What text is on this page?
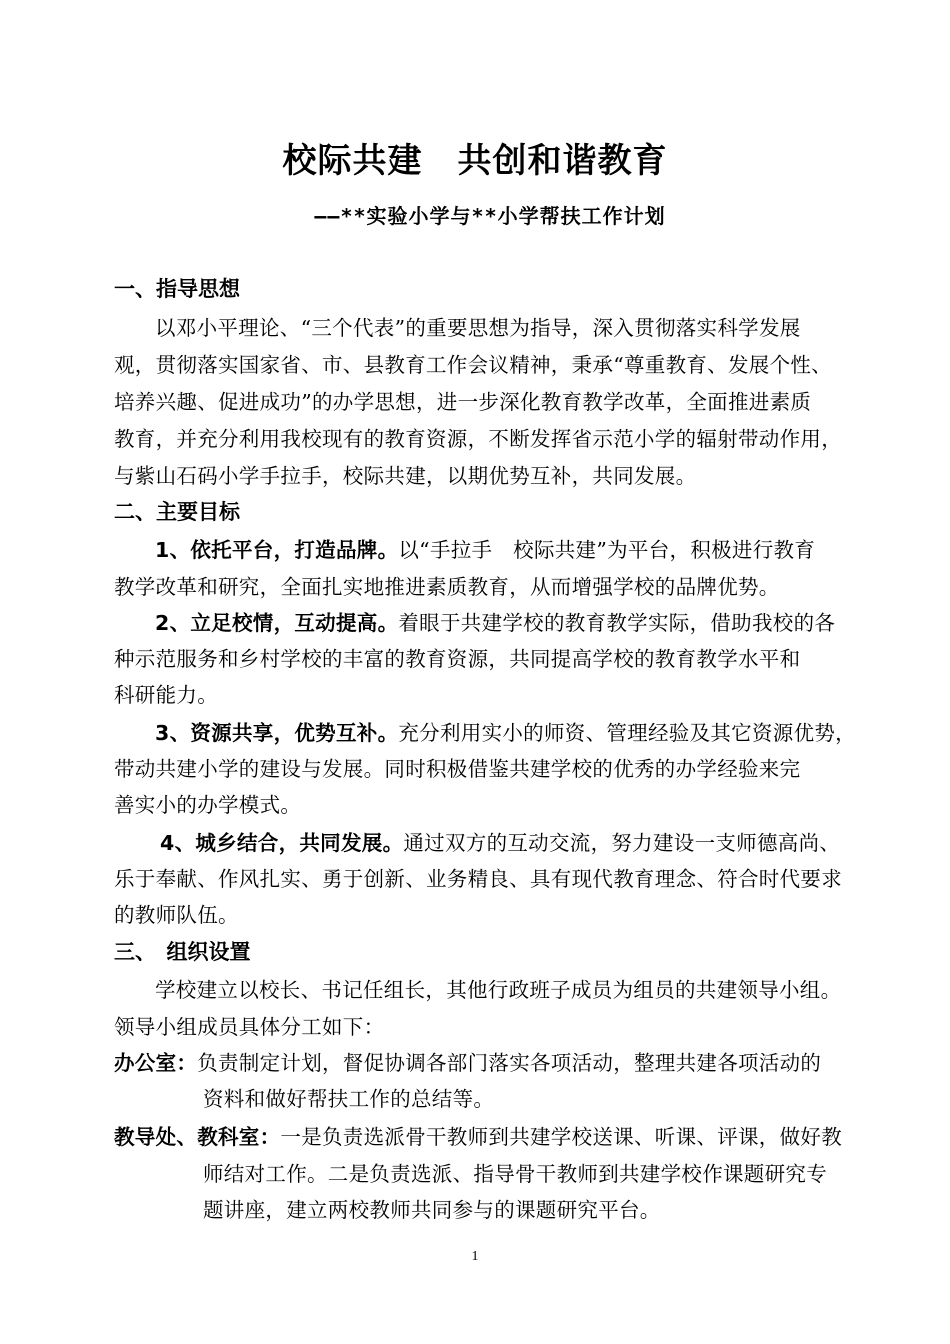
校际共建　共创和谐教育
——**实验小学与**小学帮扶工作计划
一、指导思想
以邓小平理论、“三个代表”的重要思想为指导，深入贯彻落实科学发展
观，贯彻落实国家省、市、县教育工作会议精神，秉承“尊重教育、发展个性、
培养兴趣、促进成功”的办学思想，进一步深化教育教学改革，全面推进素质
教育，并充分利用我校现有的教育资源，不断发挥省示范小学的辐射带动作用，
与紫山石码小学手拉手，校际共建，以期优势互补，共同发展。
二、主要目标
1、依托平台，打造品牌。以“手拉手　校际共建”为平台，积极进行教育
教学改革和研究，全面扎实地推进素质教育，从而增强学校的品牌优势。
2、立足校情，互动提高。着眼于共建学校的教育教学实际，借助我校的各
种示范服务和乡村学校的丰富的教育资源，共同提高学校的教育教学水平和
科研能力。
3、资源共享，优势互补。充分利用实小的师资、管理经验及其它资源优势，
带动共建小学的建设与发展。同时积极借鉴共建学校的优秀的办学经验来完
善实小的办学模式。
4、城乡结合，共同发展。通过双方的互动交流，努力建设一支师德高尚、
乐于奉献、作风扎实、勇于创新、业务精良、具有现代教育理念、符合时代要求
的教师队伍。
三、　组织设置
学校建立以校长、书记任组长，其他行政班子成员为组员的共建领导小组。
领导小组成员具体分工如下：
办公室：负责制定计划，督促协调各部门落实各项活动，整理共建各项活动的
资料和做好帮扶工作的总结等。
教导处、教科室：一是负责选派骨干教师到共建学校送课、听课、评课，做好教
师结对工作。二是负责选派、指导骨干教师到共建学校作课题研究专
题讲座，建立两校教师共同参与的课题研究平台。
1
